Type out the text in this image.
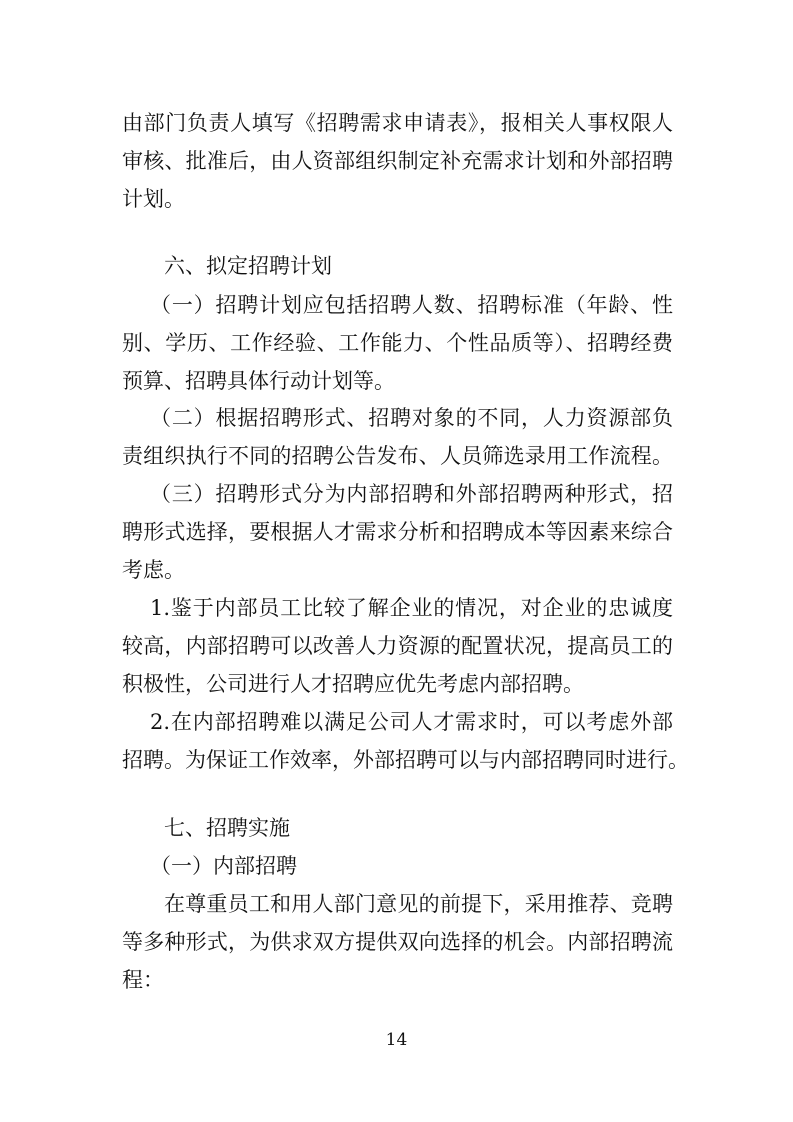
由部门负责人填写《招聘需求申请表》，报相关人事权限人
审核、批准后，由人资部组织制定补充需求计划和外部招聘
计划。
六、拟定招聘计划
（一）招聘计划应包括招聘人数、招聘标准（年龄、性
别、学历、工作经验、工作能力、个性品质等）、招聘经费
预算、招聘具体行动计划等。
（二）根据招聘形式、招聘对象的不同，人力资源部负
责组织执行不同的招聘公告发布、人员筛选录用工作流程。
（三）招聘形式分为内部招聘和外部招聘两种形式，招
聘形式选择，要根据人才需求分析和招聘成本等因素来综合
考虑。
1.鉴于内部员工比较了解企业的情况，对企业的忠诚度
较高，内部招聘可以改善人力资源的配置状况，提高员工的
积极性，公司进行人才招聘应优先考虑内部招聘。
2.在内部招聘难以满足公司人才需求时，可以考虑外部
招聘。为保证工作效率，外部招聘可以与内部招聘同时进行。
七、招聘实施
（一）内部招聘
在尊重员工和用人部门意见的前提下，采用推荐、竞聘
等多种形式，为供求双方提供双向选择的机会。内部招聘流
程：
14
